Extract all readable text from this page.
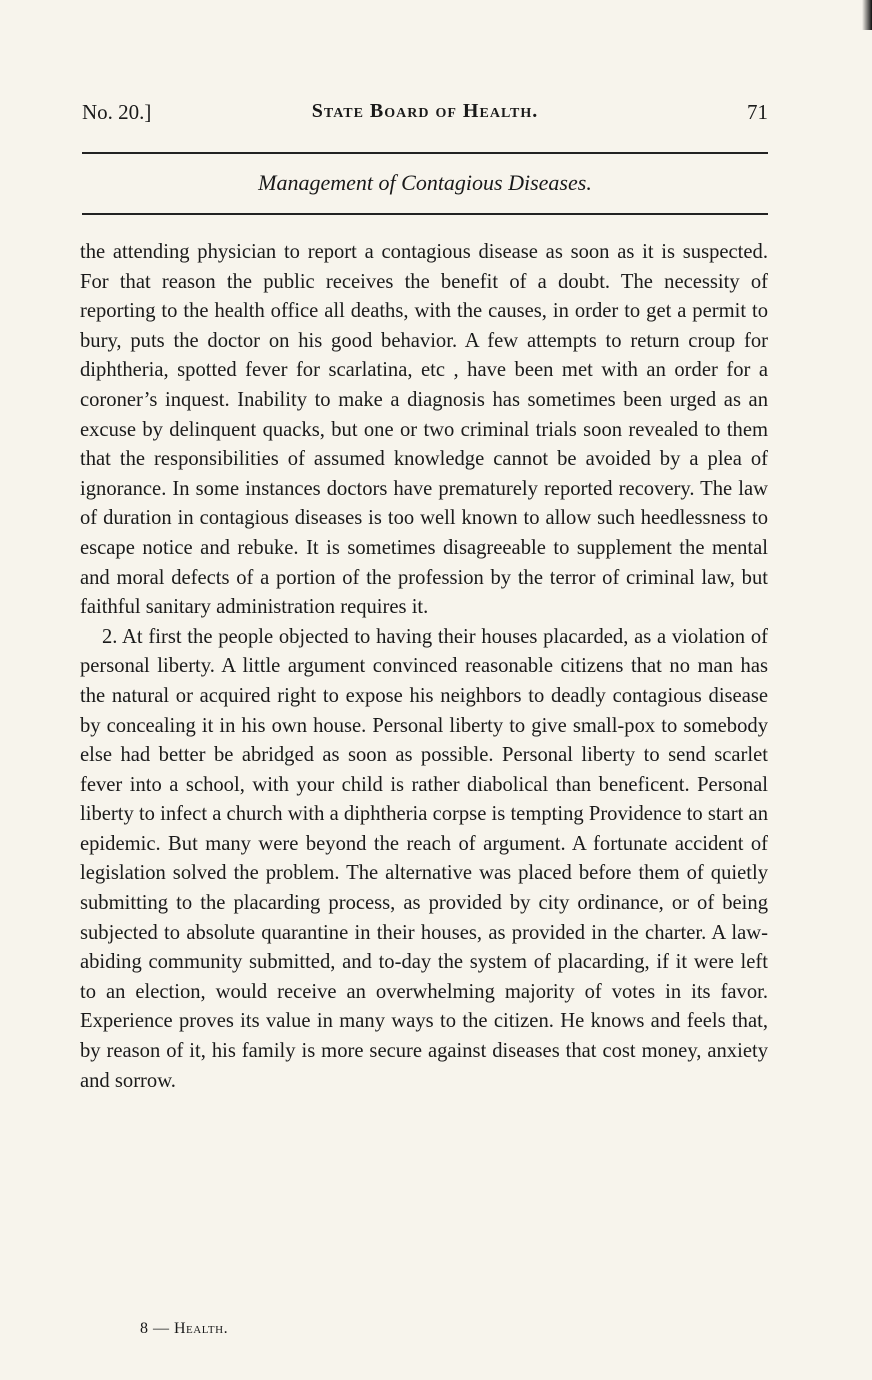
No. 20.]	State Board of Health.	71
Management of Contagious Diseases.

the attending physician to report a contagious disease as soon as it is suspected. For that reason the public receives the benefit of a doubt. The necessity of reporting to the health office all deaths, with the causes, in order to get a permit to bury, puts the doctor on his good behavior. A few attempts to return croup for diphtheria, spotted fever for scarlatina, etc , have been met with an order for a coroner’s inquest. Inability to make a diagnosis has sometimes been urged as an excuse by delinquent quacks, but one or two criminal trials soon revealed to them that the responsibilities of assumed knowledge cannot be avoided by a plea of ignorance. In some instances doctors have prematurely reported recovery. The law of duration in contagious diseases is too well known to allow such heedlessness to escape notice and rebuke. It is sometimes disagreeable to supplement the mental and moral defects of a portion of the profession by the terror of criminal law, but faithful sanitary administration requires it.

2. At first the people objected to having their houses placarded, as a violation of personal liberty. A little argument convinced reasonable citizens that no man has the natural or acquired right to expose his neighbors to deadly contagious disease by concealing it in his own house. Personal liberty to give small-pox to somebody else had better be abridged as soon as possible. Personal liberty to send scarlet fever into a school, with your child is rather diabolical than beneficent. Personal liberty to infect a church with a diphtheria corpse is tempting Providence to start an epidemic. But many were beyond the reach of argument. A fortunate accident of legislation solved the problem. The alternative was placed before them of quietly submitting to the placarding process, as provided by city ordinance, or of being subjected to absolute quarantine in their houses, as provided in the charter. A law-abiding community submitted, and to-day the system of placarding, if it were left to an election, would receive an overwhelming majority of votes in its favor. Experience proves its value in many ways to the citizen. He knows and feels that, by reason of it, his family is more secure against diseases that cost money, anxiety and sorrow.

8 — Health.
